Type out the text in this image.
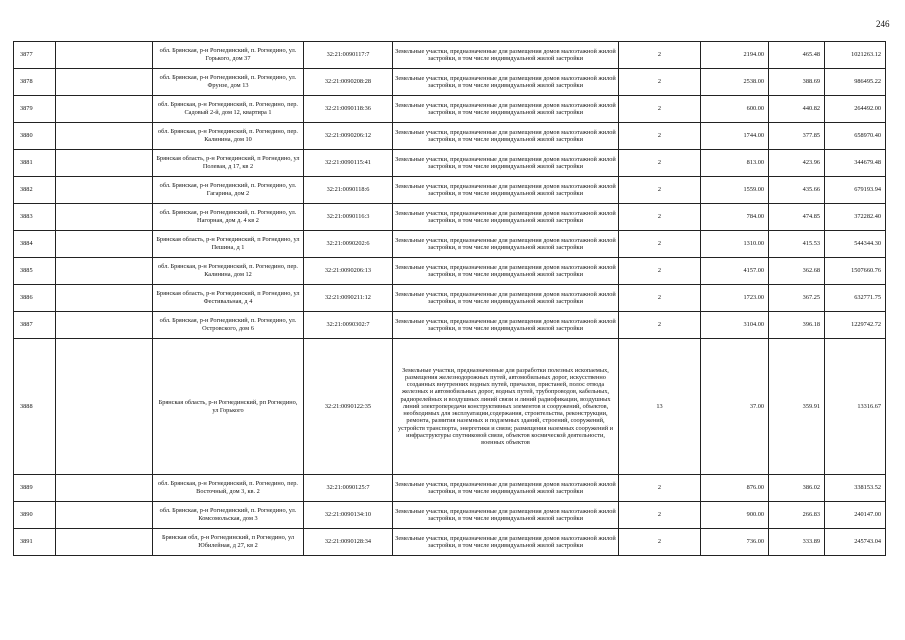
246
3877		обл. Брянская, р-н Рогнединский, п. Рогнедино, ул. Горького, дом 37	32:21:0090117:7	Земельные участки, предназначенные для размещения домов малоэтажной жилой застройки, в том числе индивидуальной жилой застройки	2	2194.00	465.48	1021263.12
3878		обл. Брянская, р-н Рогнединский, п. Рогнедино, ул. Фрунзе, дом 13	32:21:0090208:28	Земельные участки, предназначенные для размещения домов малоэтажной жилой застройки, в том числе индивидуальной жилой застройки	2	2538.00	388.69	986495.22
3879		обл. Брянская, р-н Рогнединский, п. Рогнедино, пер. Садовый 2-й, дом 12, квартира 1	32:21:0090118:36	Земельные участки, предназначенные для размещения домов малоэтажной жилой застройки, в том числе индивидуальной жилой застройки	2	600.00	440.82	264492.00
3880		обл. Брянская, р-н Рогнединский, п. Рогнедино, пер. Калинина, дом 10	32:21:0090206:12	Земельные участки, предназначенные для размещения домов малоэтажной жилой застройки, в том числе индивидуальной жилой застройки	2	1744.00	377.85	658970.40
3881		Брянская область, р-н Рогнединский, п Рогнедино, ул Полевая, д 17, кв 2	32:21:0090115:41	Земельные участки, предназначенные для размещения домов малоэтажной жилой застройки, в том числе индивидуальной жилой застройки	2	813.00	423.96	344679.48
3882		обл. Брянская, р-н Рогнединский, п. Рогнедино, ул. Гагарина, дом 2	32:21:0090118:6	Земельные участки, предназначенные для размещения домов малоэтажной жилой застройки, в том числе индивидуальной жилой застройки	2	1559.00	435.66	679193.94
3883		обл. Брянская, р-н Рогнединский, п. Рогнедино, ул. Нагорная, дом д. 4 кв 2	32:21:0090116:3	Земельные участки, предназначенные для размещения домов малоэтажной жилой застройки, в том числе индивидуальной жилой застройки	2	784.00	474.85	372282.40
3884		Брянская область, р-н Рогнединский, п Рогнедино, ул Пешина, д 1	32:21:0090202:6	Земельные участки, предназначенные для размещения домов малоэтажной жилой застройки, в том числе индивидуальной жилой застройки	2	1310.00	415.53	544344.30
3885		обл. Брянская, р-н Рогнединский, п. Рогнедино, пер. Калинина, дом 12	32:21:0090206:13	Земельные участки, предназначенные для размещения домов малоэтажной жилой застройки, в том числе индивидуальной жилой застройки	2	4157.00	362.68	1507660.76
3886		Брянская область, р-н Рогнединский, п Рогнедино, ул Фестивальная, д 4	32:21:0090211:12	Земельные участки, предназначенные для размещения домов малоэтажной жилой застройки, в том числе индивидуальной жилой застройки	2	1723.00	367.25	632771.75
3887		обл. Брянская, р-н Рогнединский, п. Рогнедино, ул. Островского, дом 6	32:21:0090302:7	Земельные участки, предназначенные для размещения домов малоэтажной жилой застройки, в том числе индивидуальной жилой застройки	2	3104.00	396.18	1229742.72
3888		Брянская область, р-н Рогнединский, рп Рогнедино, ул Горького	32:21:0090122:35	Земельные участки, предназначенные для разработки полезных ископаемых, размещения железнодорожных путей, автомобильных дорог, искусственно созданных внутренних водных путей, причалов, пристаней, полос отвода железных и автомобильных дорог, водных путей, трубопроводов, кабельных, радиорелейных и воздушных линий связи и линий радиофикации, воздушных линий электропередачи конструктивных элементов и сооружений, объектов, необходимых для эксплуатации,содержания, строительства, реконструкции, ремонта, развития наземных и подземных зданий, строений, сооружений, устройств транспорта, энергетики и связи; размещения наземных сооружений и инфраструктуры спутниковой связи, объектов космической деятельности, военных объектов	13	37.00	359.91	13316.67
3889		обл. Брянская, р-н Рогнединский, п. Рогнедино, пер. Восточный, дом 3, кв. 2	32:21:0090125:7	Земельные участки, предназначенные для размещения домов малоэтажной жилой застройки, в том числе индивидуальной жилой застройки	2	876.00	386.02	338153.52
3890		обл. Брянская, р-н Рогнединский, п. Рогнедино, ул. Комсомольская, дом 3	32:21:0090134:10	Земельные участки, предназначенные для размещения домов малоэтажной жилой застройки, в том числе индивидуальной жилой застройки	2	900.00	266.83	240147.00
3891		Брянская обл, р-н Рогнединский, п Рогнедино, ул Юбилейная, д 27, кв 2	32:21:0090128:34	Земельные участки, предназначенные для размещения домов малоэтажной жилой застройки, в том числе индивидуальной жилой застройки	2	736.00	333.89	245743.04
